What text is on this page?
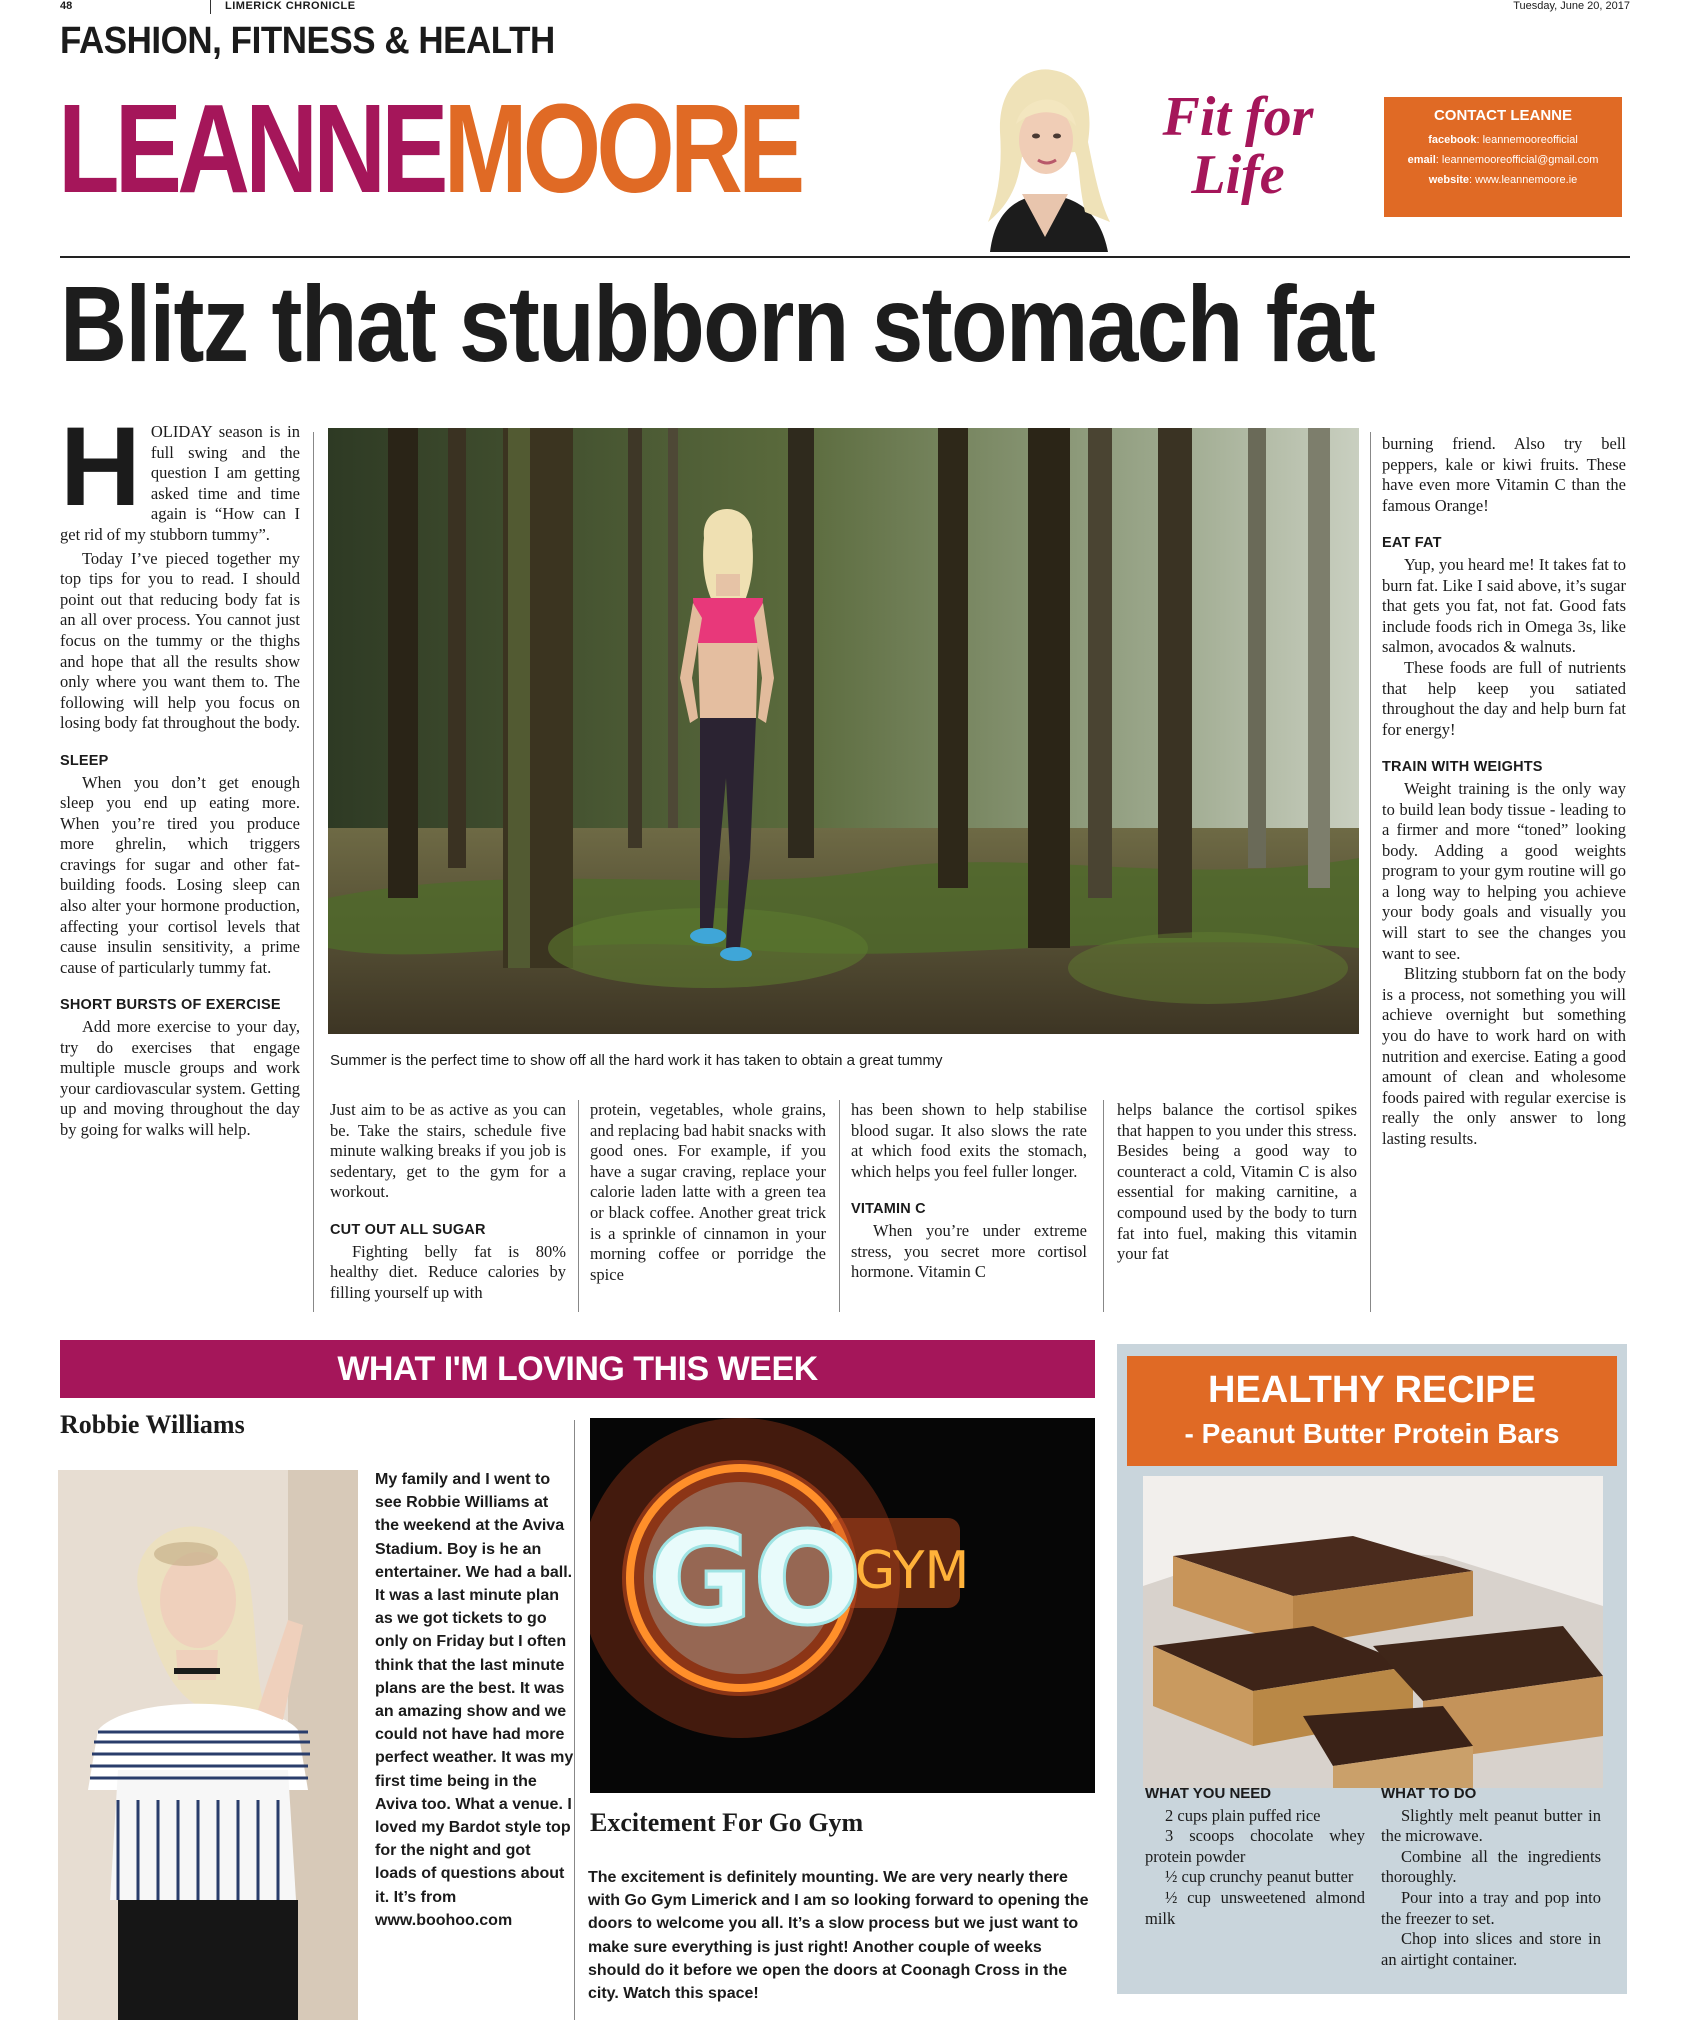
48	LIMERICK CHRONICLE	Tuesday, June 20, 2017
FASHION, FITNESS & HEALTH
LEANNEMOORE	Fit for
Life
CONTACT LEANNE
facebook: leannemooreofficial
email: leannemooreofficial@gmail.com
website: www.leannemoore.ie
Blitz that stubborn stomach fat

HOLIDAY season is in full swing and the question I am getting asked time and time again is “How can I get rid of my stubborn tummy”.

Today I’ve pieced together my top tips for you to read. I should point out that reducing body fat is an all over process. You cannot just focus on the tummy or the thighs and hope that all the results show only where you want them to. The following will help you focus on losing body fat throughout the body.

SLEEP

When you don’t get enough sleep you end up eating more. When you’re tired you produce more ghrelin, which triggers cravings for sugar and other fat-building foods. Losing sleep can also alter your hormone production, affecting your cortisol levels that cause insulin sensitivity, a prime cause of particularly tummy fat.

SHORT BURSTS OF EXERCISE

Add more exercise to your day, try do exercises that engage multiple muscle groups and work your cardiovascular system. Getting up and moving throughout the day by going for walks will help.

Summer is the perfect time to show off all the hard work it has taken to obtain a great tummy

Just aim to be as active as you can be. Take the stairs, schedule five minute walking breaks if you job is sedentary, get to the gym for a workout.

CUT OUT ALL SUGAR

Fighting belly fat is 80% healthy diet. Reduce calories by filling yourself up with

protein, vegetables, whole grains, and replacing bad habit snacks with good ones. For example, if you have a sugar craving, replace your calorie laden latte with a green tea or black coffee. Another great trick is a sprinkle of cinnamon in your morning coffee or porridge the spice

has been shown to help stabilise blood sugar. It also slows the rate at which food exits the stomach, which helps you feel fuller longer.

VITAMIN C

When you’re under extreme stress, you secret more cortisol hormone. Vitamin C

helps balance the cortisol spikes that happen to you under this stress. Besides being a good way to counteract a cold, Vitamin C is also essential for making carnitine, a compound used by the body to turn fat into fuel, making this vitamin your fat

burning friend. Also try bell peppers, kale or kiwi fruits. These have even more Vitamin C than the famous Orange!

EAT FAT

Yup, you heard me! It takes fat to burn fat. Like I said above, it’s sugar that gets you fat, not fat. Good fats include foods rich in Omega 3s, like salmon, avocados & walnuts.

These foods are full of nutrients that help keep you satiated throughout the day and help burn fat for energy!

TRAIN WITH WEIGHTS

Weight training is the only way to build lean body tissue - leading to a firmer and more “toned” looking body. Adding a good weights program to your gym routine will go a long way to helping you achieve your body goals and visually you will start to see the changes you want to see.

Blitzing stubborn fat on the body is a process, not something you will achieve overnight but something you do have to work hard on with nutrition and exercise. Eating a good amount of clean and wholesome foods paired with regular exercise is really the only answer to long lasting results.

WHAT I'M LOVING THIS WEEK
Robbie Williams
My family and I went to see Robbie Williams at the weekend at the Aviva Stadium. Boy is he an entertainer. We had a ball. It was a last minute plan as we got tickets to go only on Friday but I often think that the last minute plans are the best. It was an amazing show and we could not have had more perfect weather. It was my first time being in the Aviva too. What a venue. I loved my Bardot style top for the night and got loads of questions about it. It’s from www.boohoo.com
GO
GYM
Excitement For Go Gym
The excitement is definitely mounting. We are very nearly there with Go Gym Limerick and I am so looking forward to opening the doors to welcome you all. It’s a slow process but we just want to make sure everything is just right! Another couple of weeks should do it before we open the doors at Coonagh Cross in the city. Watch this space!
HEALTHY RECIPE
- Peanut Butter Protein Bars
WHAT YOU NEED

2 cups plain puffed rice

3 scoops chocolate whey protein powder

½ cup crunchy peanut butter

½ cup unsweetened almond milk

WHAT TO DO

Slightly melt peanut butter in the microwave.

Combine all the ingredients thoroughly.

Pour into a tray and pop into the freezer to set.

Chop into slices and store in an airtight container.
